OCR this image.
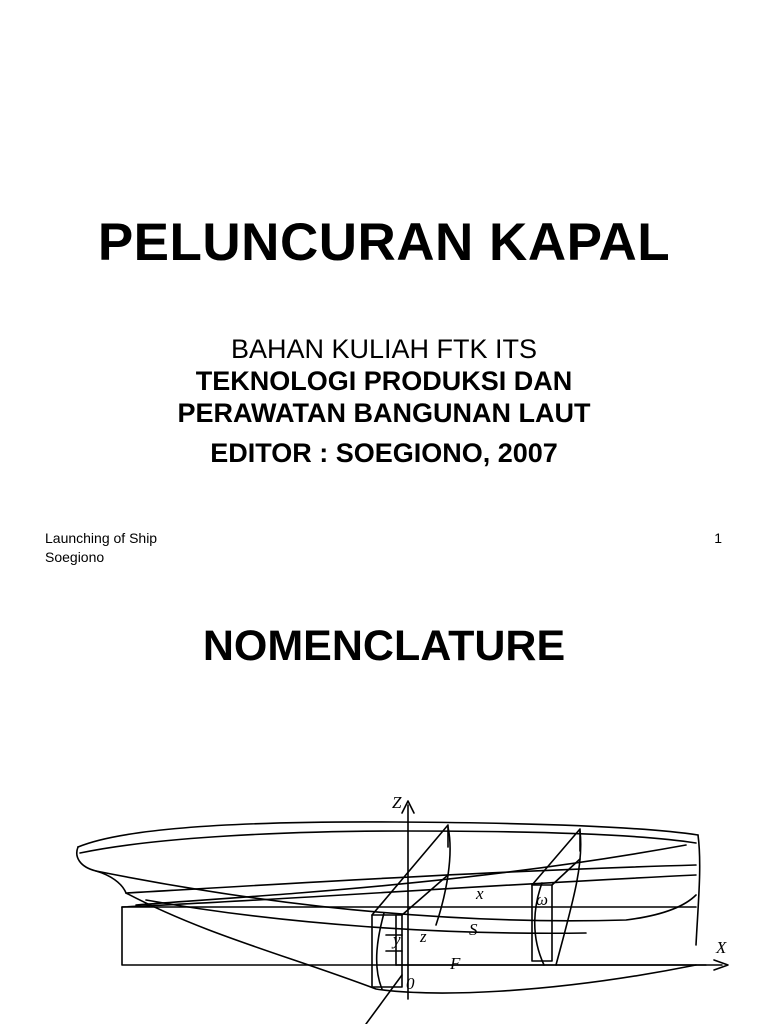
PELUNCURAN KAPAL
BAHAN KULIAH FTK ITS
TEKNOLOGI PRODUKSI DAN
PERAWATAN BANGUNAN LAUT
EDITOR : SOEGIONO, 2007
Launching of Ship
Soegiono
1
NOMENCLATURE
Z
X
x	ω
y z S
F
0
